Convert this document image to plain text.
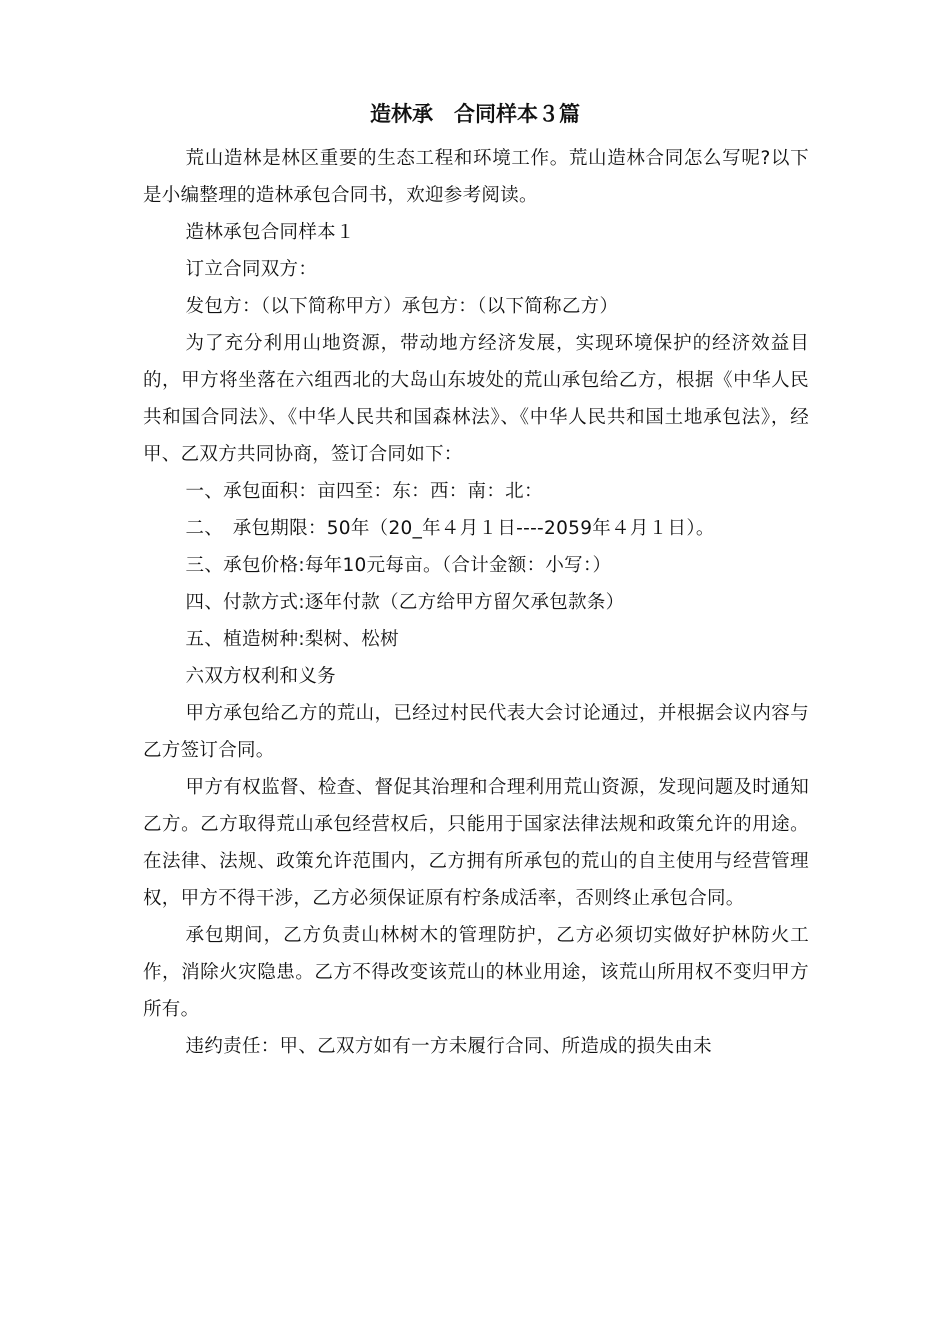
造林承　合同样本３篇

荒山造林是林区重要的生态工程和环境工作。荒山造林合同怎么写呢?以下是小编整理的造林承包合同书，欢迎参考阅读。

造林承包合同样本１

订立合同双方：

发包方：（以下简称甲方）承包方：（以下简称乙方）

为了充分利用山地资源，带动地方经济发展，实现环境保护的经济效益目的，甲方将坐落在六组西北的大岛山东坡处的荒山承包给乙方，根据《中华人民共和国合同法》、《中华人民共和国森林法》、《中华人民共和国土地承包法》，经甲、乙双方共同协商，签订合同如下：

一、承包面积：亩四至：东：西：南：北：

二、　承包期限：50年（20_年４月１日----2059年４月１日）。

三、承包价格:每年10元每亩。（合计金额：小写：）

四、付款方式:逐年付款（乙方给甲方留欠承包款条）

五、植造树种:梨树、松树

六双方权利和义务

甲方承包给乙方的荒山，已经过村民代表大会讨论通过，并根据会议内容与乙方签订合同。

甲方有权监督、检查、督促其治理和合理利用荒山资源，发现问题及时通知乙方。乙方取得荒山承包经营权后，只能用于国家法律法规和政策允许的用途。在法律、法规、政策允许范围内，乙方拥有所承包的荒山的自主使用与经营管理权，甲方不得干涉，乙方必须保证原有柠条成活率，否则终止承包合同。

承包期间，乙方负责山林树木的管理防护，乙方必须切实做好护林防火工作，消除火灾隐患。乙方不得改变该荒山的林业用途，该荒山所用权不变归甲方所有。

违约责任：甲、乙双方如有一方未履行合同、所造成的损失由未
